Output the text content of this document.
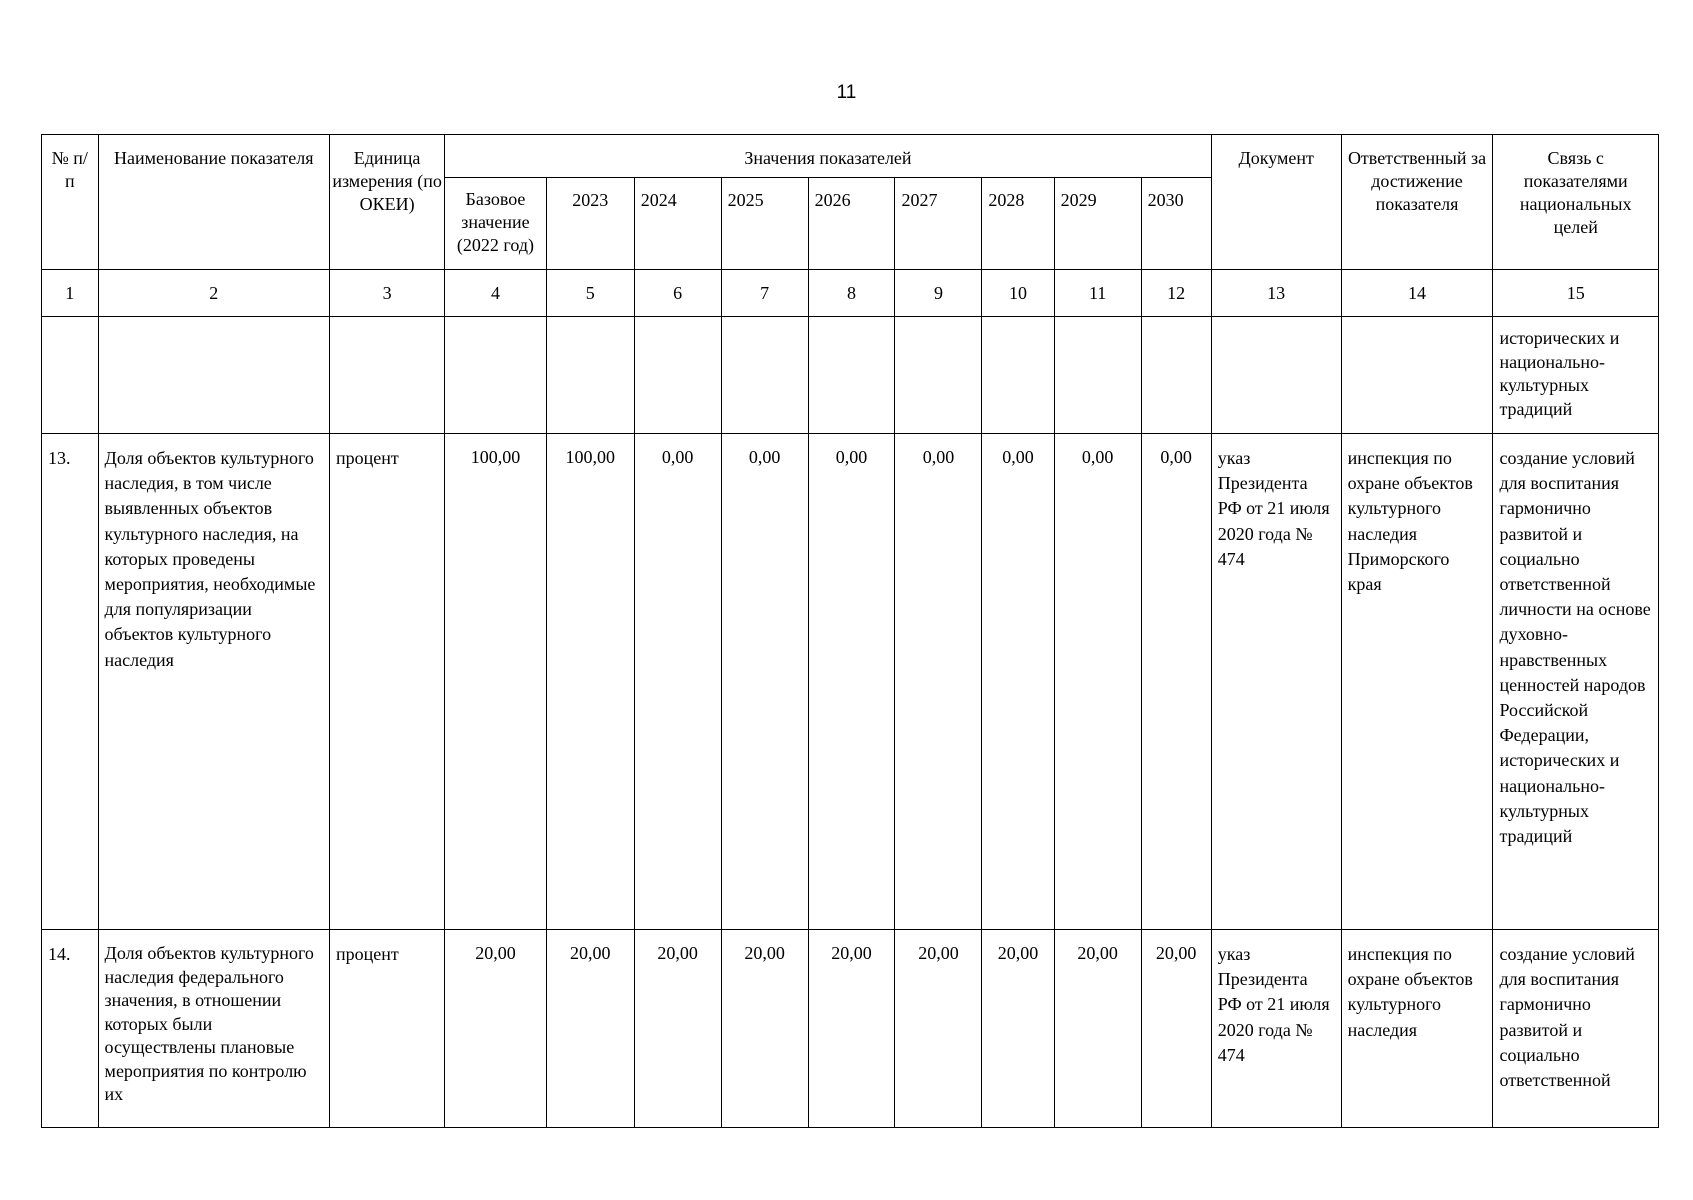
11
№ п/п	Наименование показателя	Единица измерения (по ОКЕИ)	Значения показателей									Документ	Ответственный за достижение показателя	Связь с показателями национальных целей
			Базовое значение (2022 год)	2023	2024	2025	2026	2027	2028	2029	2030			
1	2	3	4	5	6	7	8	9	10	11	12	13	14	15
														исторических и национально-культурных традиций
13.	Доля объектов культурного наследия, в том числе выявленных объектов культурного наследия, на которых проведены мероприятия, необходимые для популяризации объектов культурного наследия	процент	100,00	100,00	0,00	0,00	0,00	0,00	0,00	0,00	0,00	указ Президента РФ от 21 июля 2020 года № 474	инспекция по охране объектов культурного наследия Приморского края	создание условий для воспитания гармонично развитой и социально ответственной личности на основе духовно-нравственных ценностей народов Российской Федерации, исторических и национально-культурных традиций
14.	Доля объектов культурного наследия федерального значения, в отношении которых были осуществлены плановые мероприятия по контролю их	процент	20,00	20,00	20,00	20,00	20,00	20,00	20,00	20,00	20,00	указ Президента РФ от 21 июля 2020 года № 474	инспекция по охране объектов культурного наследия	создание условий для воспитания гармонично развитой и социально ответственной
